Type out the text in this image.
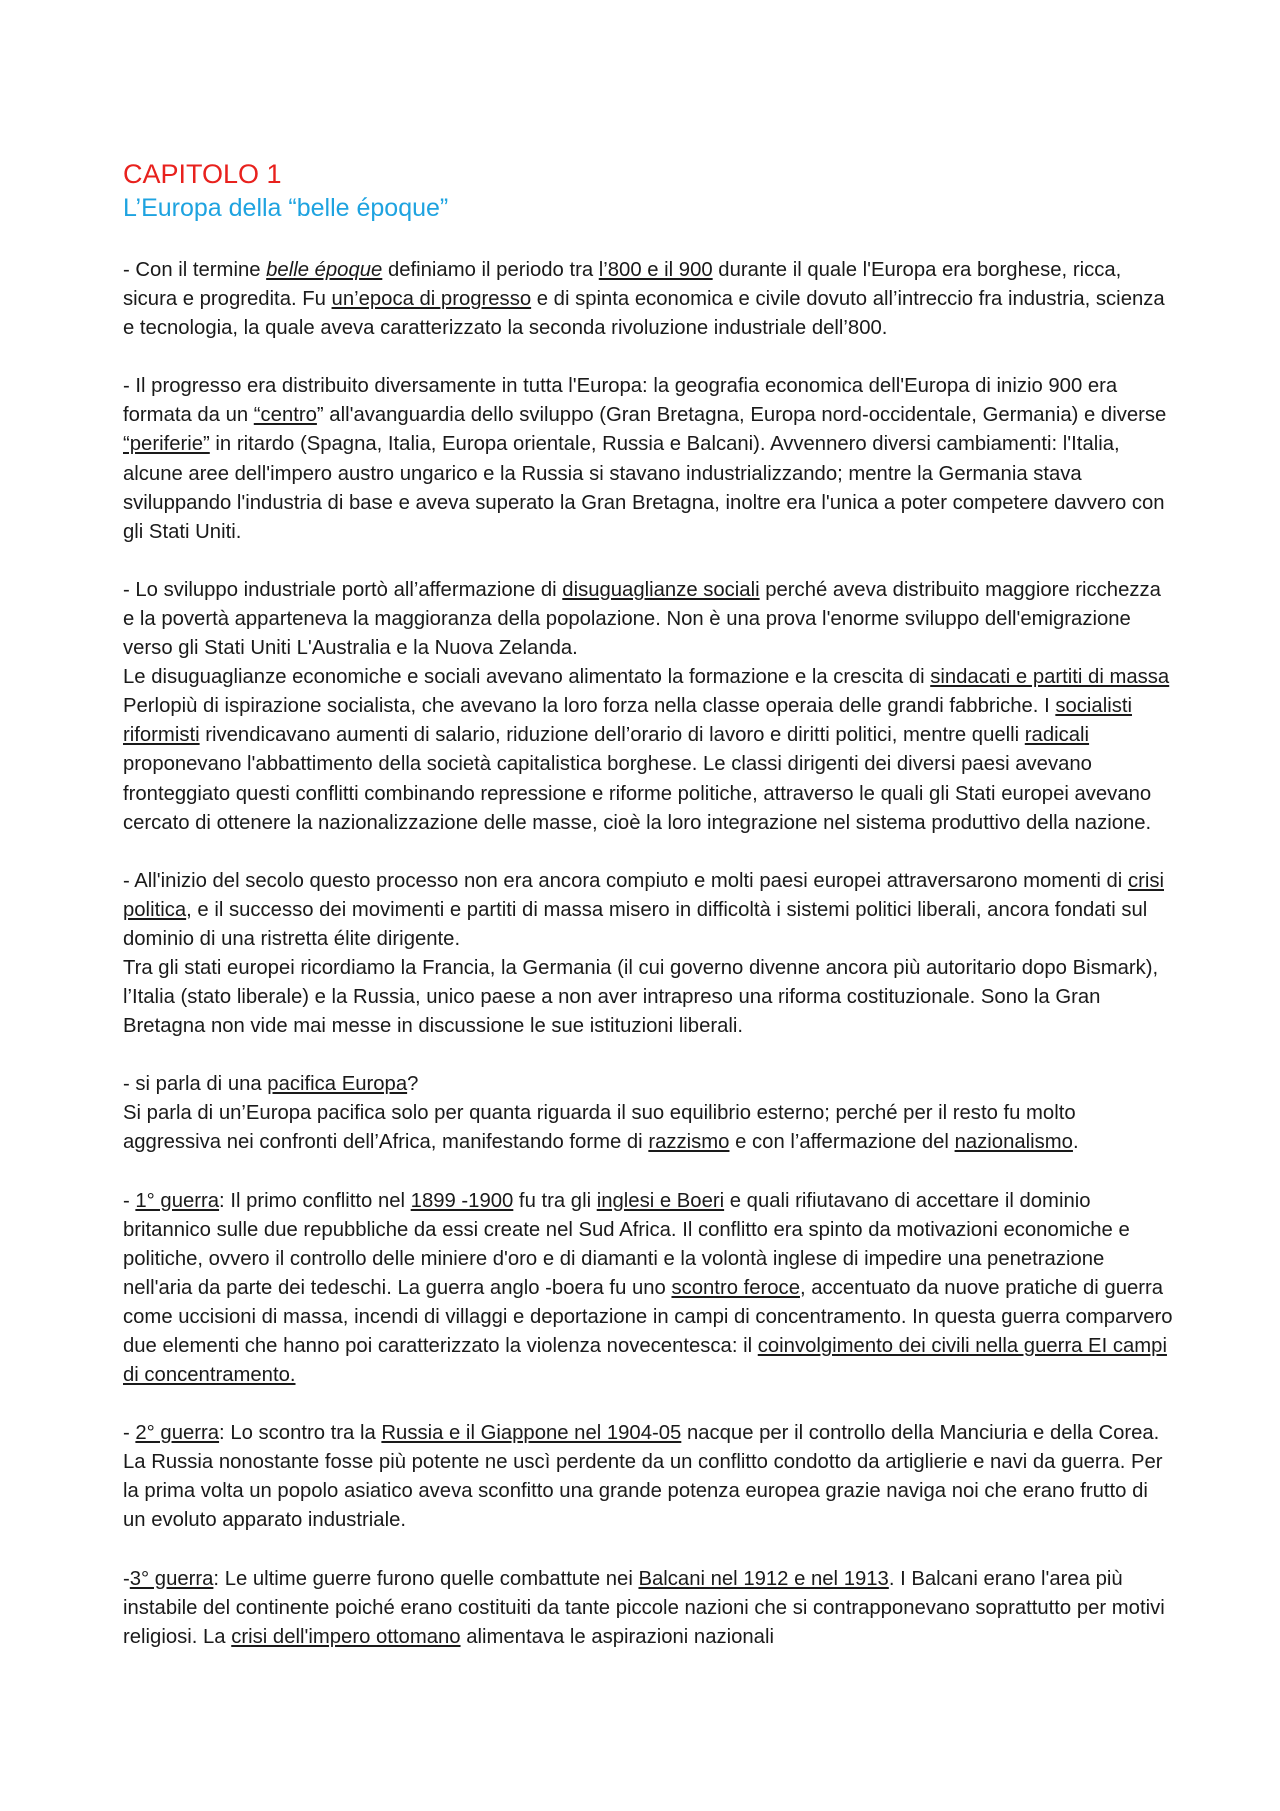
CAPITOLO 1
L’Europa della “belle époque”

- Con il termine belle époque definiamo il periodo tra l’800 e il 900 durante il quale l'Europa era borghese, ricca, sicura e progredita. Fu un’epoca di progresso e di spinta economica e civile dovuto all’intreccio fra industria, scienza e tecnologia, la quale aveva caratterizzato la seconda rivoluzione industriale dell’800.

- Il progresso era distribuito diversamente in tutta l'Europa: la geografia economica dell'Europa di inizio 900 era formata da un “centro” all'avanguardia dello sviluppo (Gran Bretagna, Europa nord-occidentale, Germania) e diverse “periferie” in ritardo (Spagna, Italia, Europa orientale, Russia e Balcani). Avvennero diversi cambiamenti: l'Italia, alcune aree dell'impero austro ungarico e la Russia si stavano industrializzando; mentre la Germania stava sviluppando l'industria di base e aveva superato la Gran Bretagna, inoltre era l'unica a poter competere davvero con gli Stati Uniti.

- Lo sviluppo industriale portò all’affermazione di disuguaglianze sociali perché aveva distribuito maggiore ricchezza e la povertà apparteneva la maggioranza della popolazione. Non è una prova l'enorme sviluppo dell'emigrazione verso gli Stati Uniti L'Australia e la Nuova Zelanda.

Le disuguaglianze economiche e sociali avevano alimentato la formazione e la crescita di sindacati e partiti di massa Perlopiù di ispirazione socialista, che avevano la loro forza nella classe operaia delle grandi fabbriche. I socialisti riformisti rivendicavano aumenti di salario, riduzione dell’orario di lavoro e diritti politici, mentre quelli radicali proponevano l'abbattimento della società capitalistica borghese. Le classi dirigenti dei diversi paesi avevano fronteggiato questi conflitti combinando repressione e riforme politiche, attraverso le quali gli Stati europei avevano cercato di ottenere la nazionalizzazione delle masse, cioè la loro integrazione nel sistema produttivo della nazione.

- All'inizio del secolo questo processo non era ancora compiuto e molti paesi europei attraversarono momenti di crisi politica, e il successo dei movimenti e partiti di massa misero in difficoltà i sistemi politici liberali, ancora fondati sul dominio di una ristretta élite dirigente.

Tra gli stati europei ricordiamo la Francia, la Germania (il cui governo divenne ancora più autoritario dopo Bismark), l’Italia (stato liberale) e la Russia, unico paese a non aver intrapreso una riforma costituzionale. Sono la Gran Bretagna non vide mai messe in discussione le sue istituzioni liberali.

- si parla di una pacifica Europa?

Si parla di un’Europa pacifica solo per quanta riguarda il suo equilibrio esterno; perché per il resto fu molto aggressiva nei confronti dell’Africa, manifestando forme di razzismo e con l’affermazione del nazionalismo.

- 1° guerra: Il primo conflitto nel 1899 -1900 fu tra gli inglesi e Boeri e quali rifiutavano di accettare il dominio britannico sulle due repubbliche da essi create nel Sud Africa. Il conflitto era spinto da motivazioni economiche e politiche, ovvero il controllo delle miniere d'oro e di diamanti e la volontà inglese di impedire una penetrazione nell'aria da parte dei tedeschi. La guerra anglo -boera fu uno scontro feroce, accentuato da nuove pratiche di guerra come uccisioni di massa, incendi di villaggi e deportazione in campi di concentramento. In questa guerra comparvero due elementi che hanno poi caratterizzato la violenza novecentesca: il coinvolgimento dei civili nella guerra EI campi di concentramento.

- 2° guerra: Lo scontro tra la Russia e il Giappone nel 1904-05 nacque per il controllo della Manciuria e della Corea. La Russia nonostante fosse più potente ne uscì perdente da un conflitto condotto da artiglierie e navi da guerra. Per la prima volta un popolo asiatico aveva sconfitto una grande potenza europea grazie naviga noi che erano frutto di un evoluto apparato industriale.

-3° guerra: Le ultime guerre furono quelle combattute nei Balcani nel 1912 e nel 1913. I Balcani erano l'area più instabile del continente poiché erano costituiti da tante piccole nazioni che si contrapponevano soprattutto per motivi religiosi. La crisi dell'impero ottomano alimentava le aspirazioni nazionali
